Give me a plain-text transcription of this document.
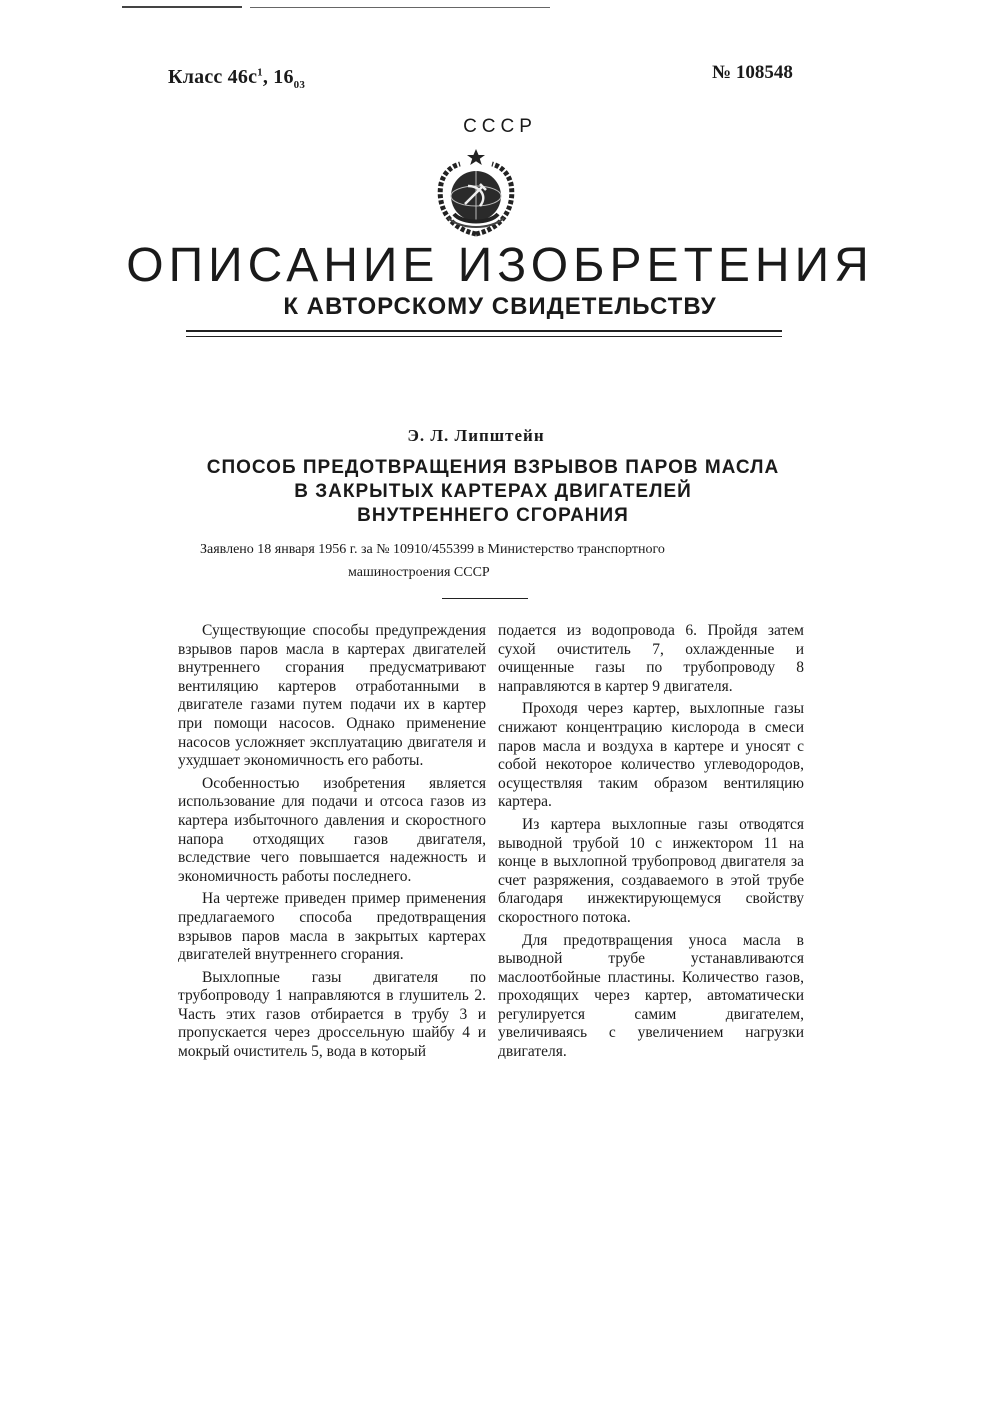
Класс $46c^1$, $16_{03}$
№ 108548
СССР
ОПИСАНИЕ ИЗОБРЕТЕНИЯ
К АВТОРСКОМУ СВИДЕТЕЛЬСТВУ
Э. Л. Липштейн
СПОСОБ ПРЕДОТВРАЩЕНИЯ ВЗРЫВОВ ПАРОВ МАСЛА
В ЗАКРЫТЫХ КАРТЕРАХ ДВИГАТЕЛЕЙ
ВНУТРЕННЕГО СГОРАНИЯ
Заявлено 18 января 1956 г. за № 10910/455399 в Министерство транспортного
машиностроения СССР

Существующие способы предупреждения взрывов паров масла в картерах двигателей внутреннего сгорания предусматривают вентиляцию картеров отработанными в двигателе газами путем подачи их в картер при помощи насосов. Однако применение насосов усложняет эксплуатацию двигателя и ухудшает экономичность его работы.

Особенностью изобретения является использование для подачи и отсоса газов из картера избыточного давления и скоростного напора отходящих газов двигателя, вследствие чего повышается надежность и экономичность работы последнего.

На чертеже приведен пример применения предлагаемого способа предотвращения взрывов паров масла в закрытых картерах двигателей внутреннего сгорания.

Выхлопные газы двигателя по трубопроводу 1 направляются в глушитель 2. Часть этих газов отбирается в трубу 3 и пропускается через дроссельную шайбу 4 и мокрый очиститель 5, вода в который

подается из водопровода 6. Пройдя затем сухой очиститель 7, охлажденные и очищенные газы по трубопроводу 8 направляются в картер 9 двигателя.

Проходя через картер, выхлопные газы снижают концентрацию кислорода в смеси паров масла и воздуха в картере и уносят с собой некоторое количество углеводородов, осуществляя таким образом вентиляцию картера.

Из картера выхлопные газы отводятся выводной трубой 10 с инжектором 11 на конце в выхлопной трубопровод двигателя за счет разряжения, создаваемого в этой трубе благодаря инжектирующемуся свойству скоростного потока.

Для предотвращения уноса масла в выводной трубе устанавливаются маслоотбойные пластины. Количество газов, проходящих через картер, автоматически регулируется самим двигателем, увеличиваясь с увеличением нагрузки двигателя.
